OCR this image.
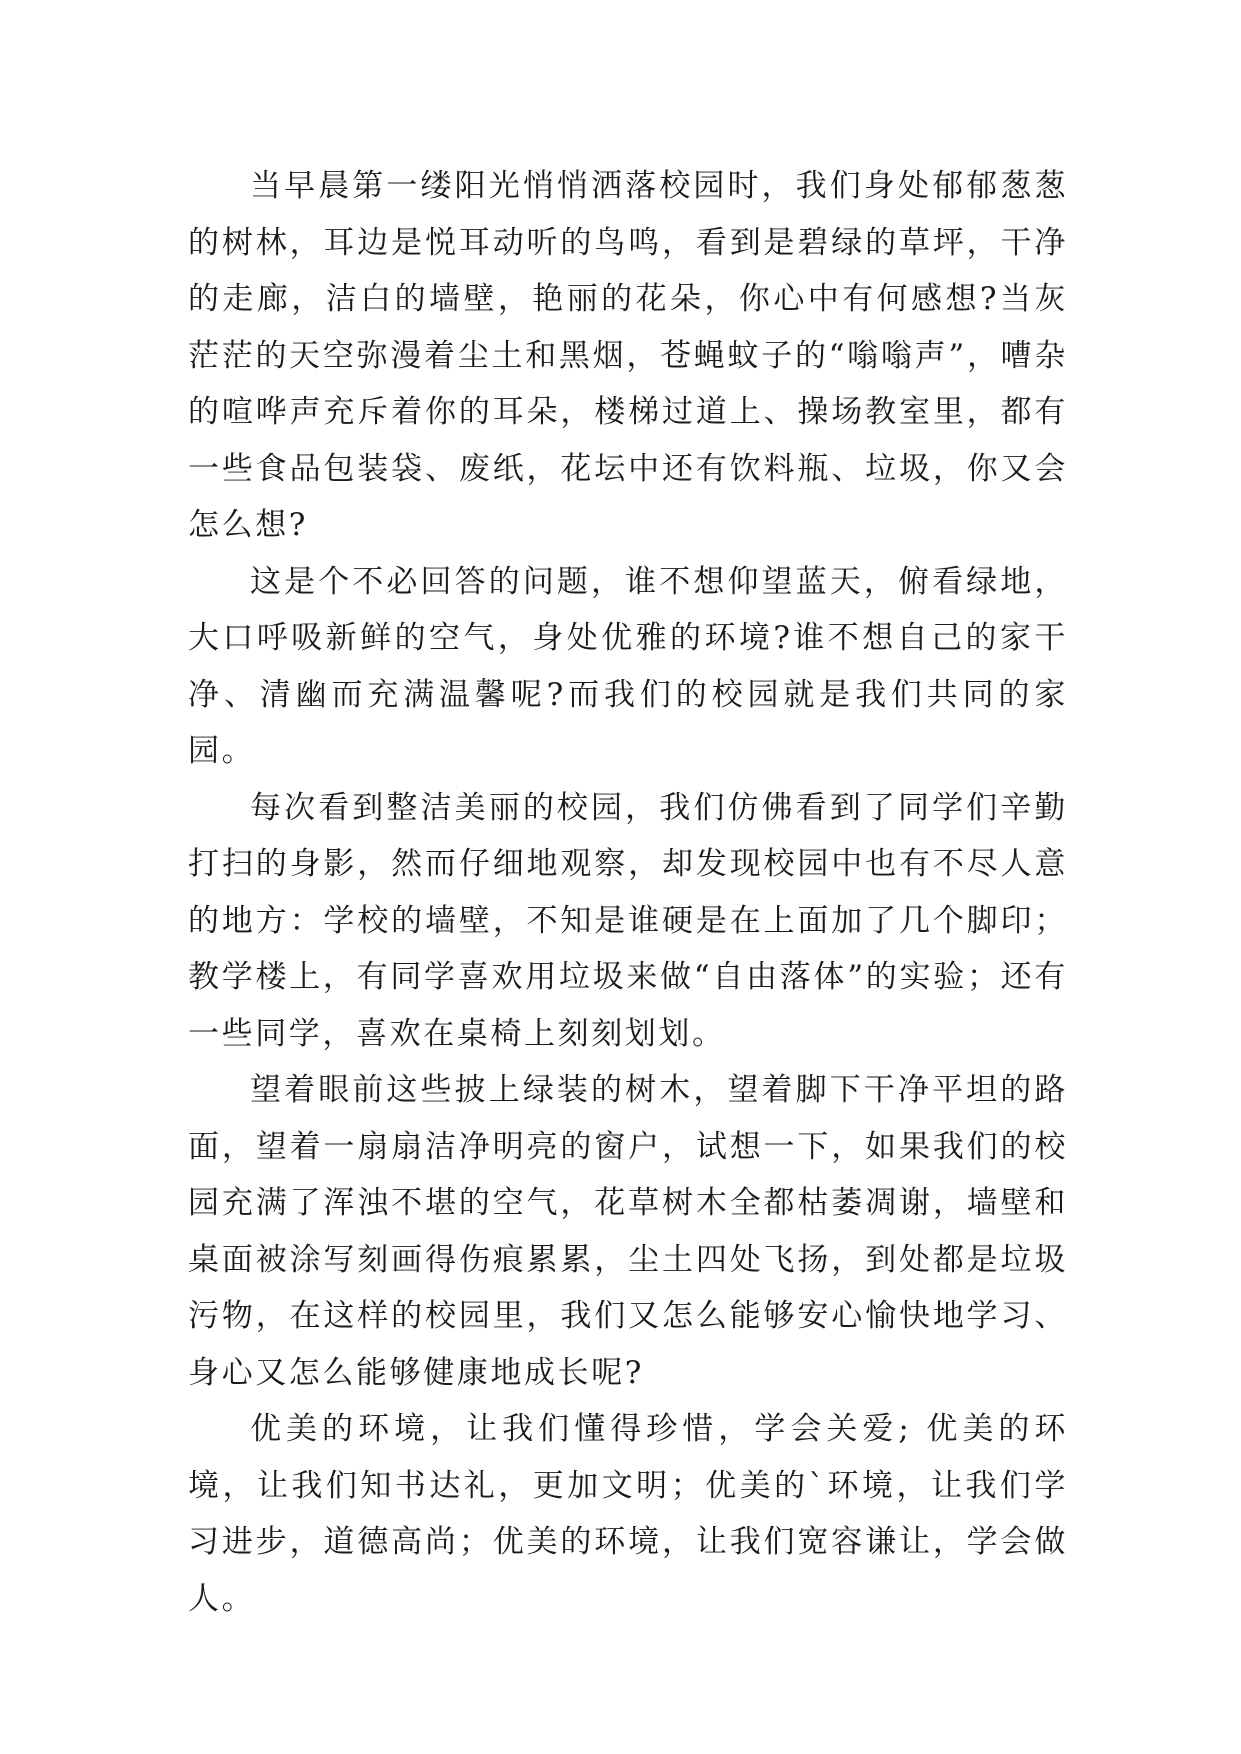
当早晨第一缕阳光悄悄洒落校园时，我们身处郁郁葱葱的树林，耳边是悦耳动听的鸟鸣，看到是碧绿的草坪，干净的走廊，洁白的墙壁，艳丽的花朵，你心中有何感想?当灰茫茫的天空弥漫着尘土和黑烟，苍蝇蚊子的“嗡嗡声”，嘈杂的喧哗声充斥着你的耳朵，楼梯过道上、操场教室里，都有一些食品包装袋、废纸，花坛中还有饮料瓶、垃圾，你又会怎么想?

这是个不必回答的问题，谁不想仰望蓝天，俯看绿地，大口呼吸新鲜的空气，身处优雅的环境?谁不想自己的家干净、清幽而充满温馨呢?而我们的校园就是我们共同的家园。

每次看到整洁美丽的校园，我们仿佛看到了同学们辛勤打扫的身影，然而仔细地观察，却发现校园中也有不尽人意的地方：学校的墙壁，不知是谁硬是在上面加了几个脚印；教学楼上，有同学喜欢用垃圾来做“自由落体”的实验；还有一些同学，喜欢在桌椅上刻刻划划。

望着眼前这些披上绿装的树木，望着脚下干净平坦的路面，望着一扇扇洁净明亮的窗户，试想一下，如果我们的校园充满了浑浊不堪的空气，花草树木全都枯萎凋谢，墙壁和桌面被涂写刻画得伤痕累累，尘土四处飞扬，到处都是垃圾污物，在这样的校园里，我们又怎么能够安心愉快地学习、身心又怎么能够健康地成长呢?

优美的环境，让我们懂得珍惜，学会关爱; 优美的环境，让我们知书达礼，更加文明；优美的`环境，让我们学习进步，道德高尚；优美的环境，让我们宽容谦让，学会做人。
